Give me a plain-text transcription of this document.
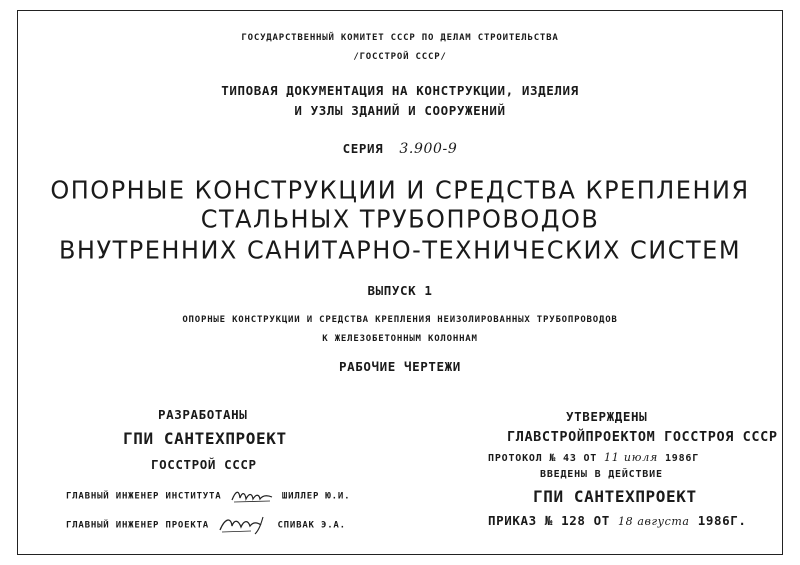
ГОСУДАРСТВЕННЫЙ КОМИТЕТ СССР ПО ДЕЛАМ СТРОИТЕЛЬСТВА
/ГОССТРОЙ СССР/
ТИПОВАЯ ДОКУМЕНТАЦИЯ НА КОНСТРУКЦИИ, ИЗДЕЛИЯ
И УЗЛЫ ЗДАНИЙ И СООРУЖЕНИЙ
СЕРИЯ 3.900-9
ОПОРНЫЕ КОНСТРУКЦИИ И СРЕДСТВА КРЕПЛЕНИЯ
СТАЛЬНЫХ ТРУБОПРОВОДОВ
ВНУТРЕННИХ САНИТАРНО-ТЕХНИЧЕСКИХ СИСТЕМ
ВЫПУСК 1
ОПОРНЫЕ КОНСТРУКЦИИ И СРЕДСТВА КРЕПЛЕНИЯ НЕИЗОЛИРОВАННЫХ ТРУБОПРОВОДОВ
К ЖЕЛЕЗОБЕТОННЫМ КОЛОННАМ
РАБОЧИЕ ЧЕРТЕЖИ
РАЗРАБОТАНЫ
ГПИ САНТЕХПРОЕКТ
ГОССТРОЙ СССР
ГЛАВНЫЙ ИНЖЕНЕР ИНСТИТУТА	ШИЛЛЕР Ю.И.
ГЛАВНЫЙ ИНЖЕНЕР ПРОЕКТА	СПИВАК Э.А.
УТВЕРЖДЕНЫ
ГЛАВСТРОЙПРОЕКТОМ ГОССТРОЯ СССР
ПРОТОКОЛ № 43 ОТ 11 июля 1986Г
ВВЕДЕНЫ В ДЕЙСТВИЕ
ГПИ САНТЕХПРОЕКТ
ПРИКАЗ № 128 ОТ 18 августа 1986Г.
